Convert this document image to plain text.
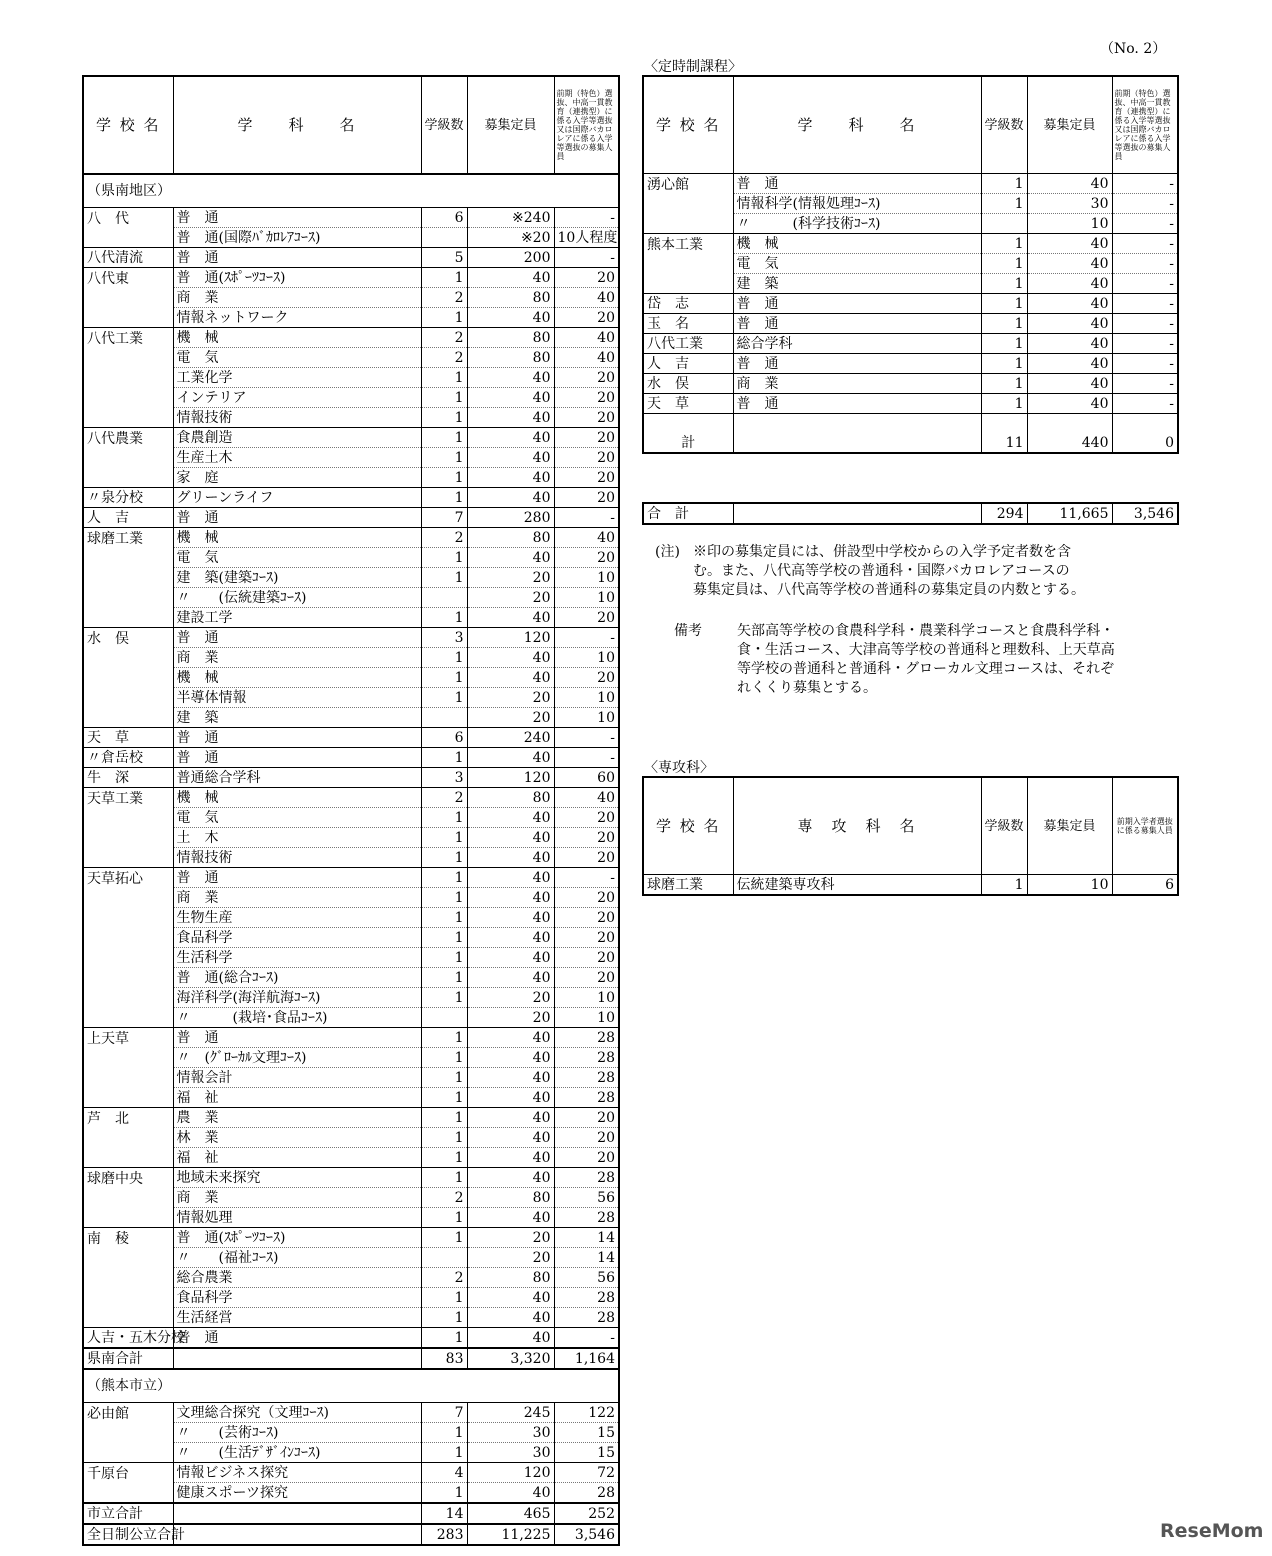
（No. 2）
学 校 名	学　　科　　名	学級数	募集定員	前期（特色）選抜、中高一貫教育（連携型）に係る入学等選抜又は国際バカロレアに係る入学等選抜の募集人員
（県南地区）				
八　代	普　通	6	※240	-
	普　通(国際ﾊﾞｶﾛﾚｱｺｰｽ)		※20	10人程度
八代清流	普　通	5	200	-
八代東	普　通(ｽﾎﾟｰﾂｺｰｽ)	1	40	20
	商　業	2	80	40
	情報ネットワーク	1	40	20
八代工業	機　械	2	80	40
	電　気	2	80	40
	工業化学	1	40	20
	インテリア	1	40	20
	情報技術	1	40	20
八代農業	食農創造	1	40	20
	生産土木	1	40	20
	家　庭	1	40	20
〃泉分校	グリーンライフ	1	40	20
人　吉	普　通	7	280	-
球磨工業	機　械	2	80	40
	電　気	1	40	20
	建　築(建築ｺｰｽ)	1	20	10
	〃　　(伝統建築ｺｰｽ)		20	10
	建設工学	1	40	20
水　俣	普　通	3	120	-
	商　業	1	40	10
	機　械	1	40	20
	半導体情報	1	20	10
	建　築		20	10
天　草	普　通	6	240	-
〃倉岳校	普　通	1	40	-
牛　深	普通総合学科	3	120	60
天草工業	機　械	2	80	40
	電　気	1	40	20
	土　木	1	40	20
	情報技術	1	40	20
天草拓心	普　通	1	40	-
	商　業	1	40	20
	生物生産	1	40	20
	食品科学	1	40	20
	生活科学	1	40	20
	普　通(総合ｺｰｽ)	1	40	20
	海洋科学(海洋航海ｺｰｽ)	1	20	10
	〃　　　(栽培･食品ｺｰｽ)		20	10
上天草	普　通	1	40	28
	〃　(ｸﾞﾛｰｶﾙ文理ｺｰｽ)	1	40	28
	情報会計	1	40	28
	福　祉	1	40	28
芦　北	農　業	1	40	20
	林　業	1	40	20
	福　祉	1	40	20
球磨中央	地域未来探究	1	40	28
	商　業	2	80	56
	情報処理	1	40	28
南　稜	普　通(ｽﾎﾟｰﾂｺｰｽ)	1	20	14
	〃　　(福祉ｺｰｽ)		20	14
	総合農業	2	80	56
	食品科学	1	40	28
	生活経営	1	40	28
人吉・五木分校	普　通	1	40	-
県南合計		83	3,320	1,164
（熊本市立）				
必由館	文理総合探究（文理ｺｰｽ)	7	245	122
	〃　　(芸術ｺｰｽ)	1	30	15
	〃　　(生活ﾃﾞｻﾞｲﾝｺｰｽ)	1	30	15
千原台	情報ビジネス探究	4	120	72
	健康スポーツ探究	1	40	28
市立合計		14	465	252
全日制公立合計		283	11,225	3,546
〈定時制課程〉
学 校 名	学　　科　　名	学級数	募集定員	前期（特色）選抜、中高一貫教育（連携型）に係る入学等選抜又は国際バカロレアに係る入学等選抜の募集人員
湧心館	普　通	1	40	-
	情報科学(情報処理ｺｰｽ)	1	30	-
	〃　　　(科学技術ｺｰｽ)		10	-
熊本工業	機　械	1	40	-
	電　気	1	40	-
	建　築	1	40	-
岱　志	普　通	1	40	-
玉　名	普　通	1	40	-
八代工業	総合学科	1	40	-
人　吉	普　通	1	40	-
水　俣	商　業	1	40	-
天　草	普　通	1	40	-
計		11	440	0
合　計		294	11,665	3,546
(注) ※印の募集定員には、併設型中学校からの入学予定者数を含
む。また、八代高等学校の普通科・国際バカロレアコースの
募集定員は、八代高等学校の普通科の募集定員の内数とする。
備考	矢部高等学校の食農科学科・農業科学コースと食農科学科・
食・生活コース、大津高等学校の普通科と理数科、上天草高
等学校の普通科と普通科・グローカル文理コースは、それぞ
れくくり募集とする。
〈専攻科〉
学 校 名	専　攻　科　名	学級数	募集定員	前期入学者選抜に係る募集人員
球磨工業	伝統建築専攻科	1	10	6
ReseMom
